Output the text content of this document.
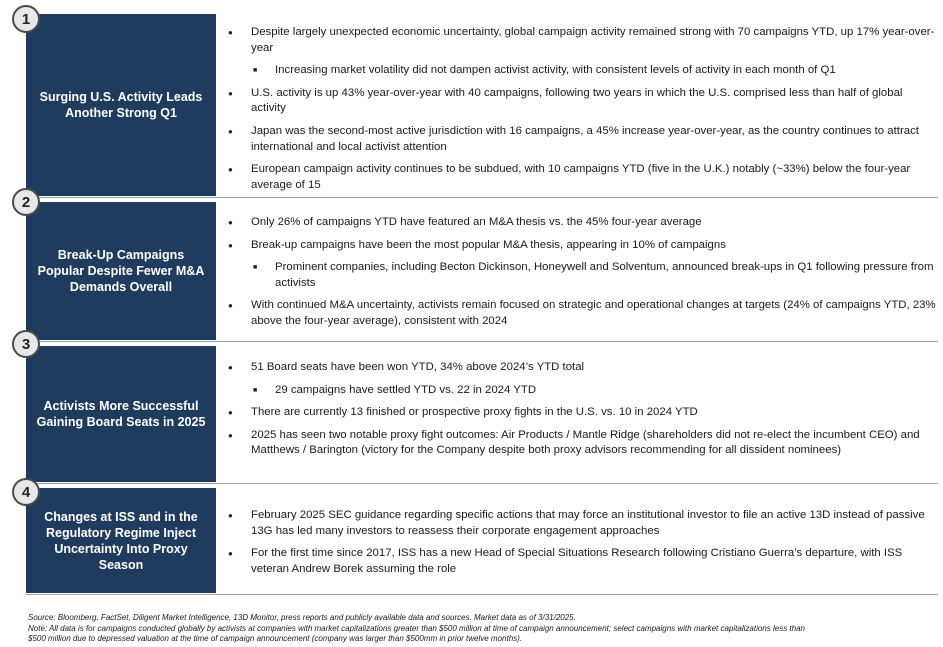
Surging U.S. Activity Leads Another Strong Q1
● Despite largely unexpected economic uncertainty, global campaign activity remained strong with 70 campaigns YTD, up 17% year-over-year
■ Increasing market volatility did not dampen activist activity, with consistent levels of activity in each month of Q1
● U.S. activity is up 43% year-over-year with 40 campaigns, following two years in which the U.S. comprised less than half of global activity
● Japan was the second-most active jurisdiction with 16 campaigns, a 45% increase year-over-year, as the country continues to attract international and local activist attention
● European campaign activity continues to be subdued, with 10 campaigns YTD (five in the U.K.) notably (~33%) below the four-year average of 15
1
Break-Up Campaigns Popular Despite Fewer M&A Demands Overall
● Only 26% of campaigns YTD have featured an M&A thesis vs. the 45% four-year average
● Break-up campaigns have been the most popular M&A thesis, appearing in 10% of campaigns
■ Prominent companies, including Becton Dickinson, Honeywell and Solventum, announced break-ups in Q1 following pressure from activists
● With continued M&A uncertainty, activists remain focused on strategic and operational changes at targets (24% of campaigns YTD, 23% above the four-year average), consistent with 2024
2
Activists More Successful Gaining Board Seats in 2025
● 51 Board seats have been won YTD, 34% above 2024’s YTD total
■ 29 campaigns have settled YTD vs. 22 in 2024 YTD
● There are currently 13 finished or prospective proxy fights in the U.S. vs. 10 in 2024 YTD
● 2025 has seen two notable proxy fight outcomes: Air Products / Mantle Ridge (shareholders did not re-elect the incumbent CEO) and Matthews / Barington (victory for the Company despite both proxy advisors recommending for all dissident nominees)
3
Changes at ISS and in the Regulatory Regime Inject Uncertainty Into Proxy Season
● February 2025 SEC guidance regarding specific actions that may force an institutional investor to file an active 13D instead of passive 13G has led many investors to reassess their corporate engagement approaches
● For the first time since 2017, ISS has a new Head of Special Situations Research following Cristiano Guerra’s departure, with ISS veteran Andrew Borek assuming the role
4
Source: Bloomberg, FactSet, Diligent Market Intelligence, 13D Monitor, press reports and publicly available data and sources. Market data as of 3/31/2025.
Note: All data is for campaigns conducted globally by activists at companies with market capitalizations greater than $500 million at time of campaign announcement; select campaigns with market capitalizations less than
$500 million due to depressed valuation at the time of campaign announcement (company was larger than $500mm in prior twelve months).
